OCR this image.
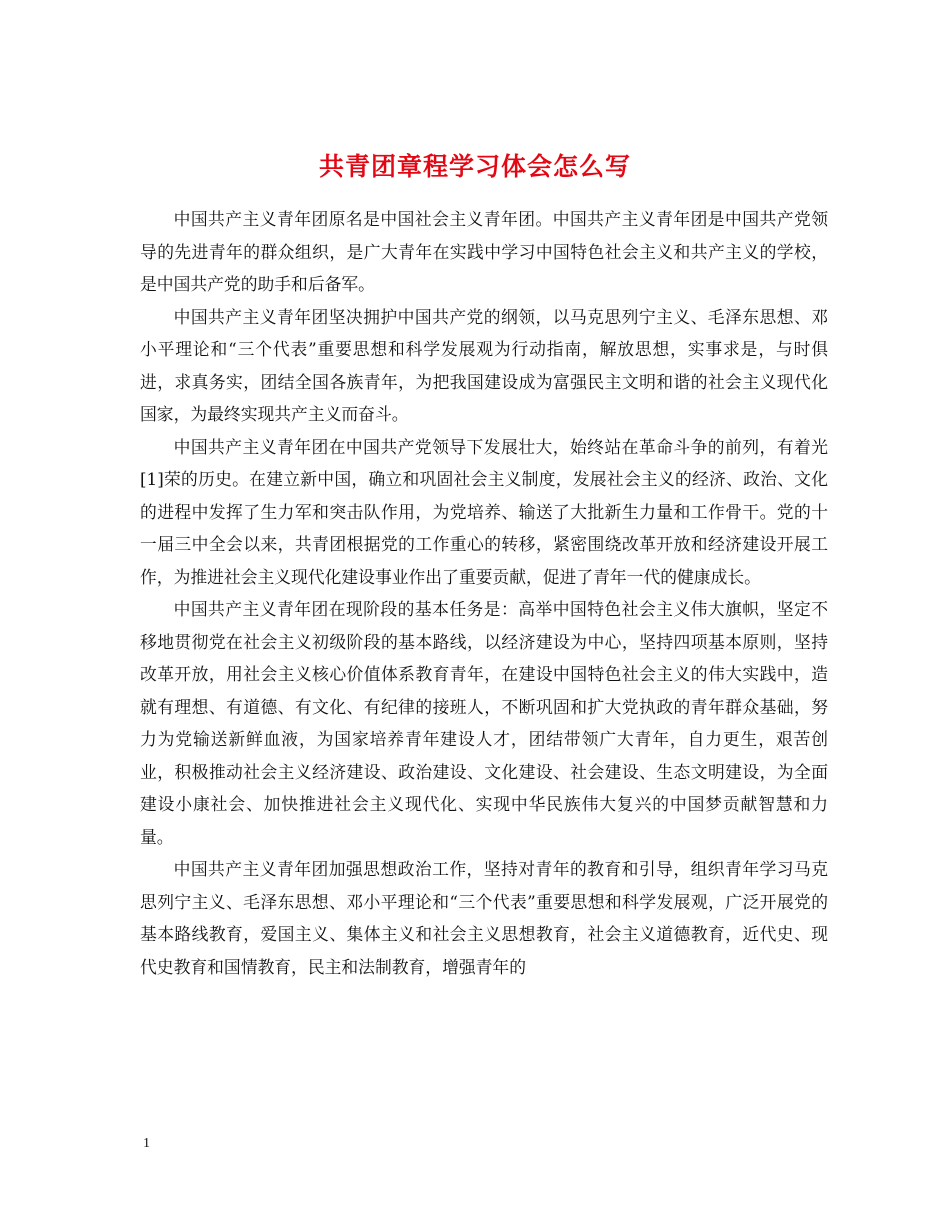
共青团章程学习体会怎么写

中国共产主义青年团原名是中国社会主义青年团。中国共产主义青年团是中国共产党领导的先进青年的群众组织，是广大青年在实践中学习中国特色社会主义和共产主义的学校，是中国共产党的助手和后备军。

中国共产主义青年团坚决拥护中国共产党的纲领，以马克思列宁主义、毛泽东思想、邓小平理论和“三个代表”重要思想和科学发展观为行动指南，解放思想，实事求是，与时俱进，求真务实，团结全国各族青年，为把我国建设成为富强民主文明和谐的社会主义现代化国家，为最终实现共产主义而奋斗。

中国共产主义青年团在中国共产党领导下发展壮大，始终站在革命斗争的前列，有着光[1]荣的历史。在建立新中国，确立和巩固社会主义制度，发展社会主义的经济、政治、文化的进程中发挥了生力军和突击队作用，为党培养、输送了大批新生力量和工作骨干。党的十一届三中全会以来，共青团根据党的工作重心的转移，紧密围绕改革开放和经济建设开展工作，为推进社会主义现代化建设事业作出了重要贡献，促进了青年一代的健康成长。

中国共产主义青年团在现阶段的基本任务是：高举中国特色社会主义伟大旗帜，坚定不移地贯彻党在社会主义初级阶段的基本路线，以经济建设为中心，坚持四项基本原则，坚持改革开放，用社会主义核心价值体系教育青年，在建设中国特色社会主义的伟大实践中，造就有理想、有道德、有文化、有纪律的接班人，不断巩固和扩大党执政的青年群众基础，努力为党输送新鲜血液，为国家培养青年建设人才，团结带领广大青年，自力更生，艰苦创业，积极推动社会主义经济建设、政治建设、文化建设、社会建设、生态文明建设，为全面建设小康社会、加快推进社会主义现代化、实现中华民族伟大复兴的中国梦贡献智慧和力量。

中国共产主义青年团加强思想政治工作，坚持对青年的教育和引导，组织青年学习马克思列宁主义、毛泽东思想、邓小平理论和“三个代表”重要思想和科学发展观，广泛开展党的基本路线教育，爱国主义、集体主义和社会主义思想教育，社会主义道德教育，近代史、现代史教育和国情教育，民主和法制教育，增强青年的

1
